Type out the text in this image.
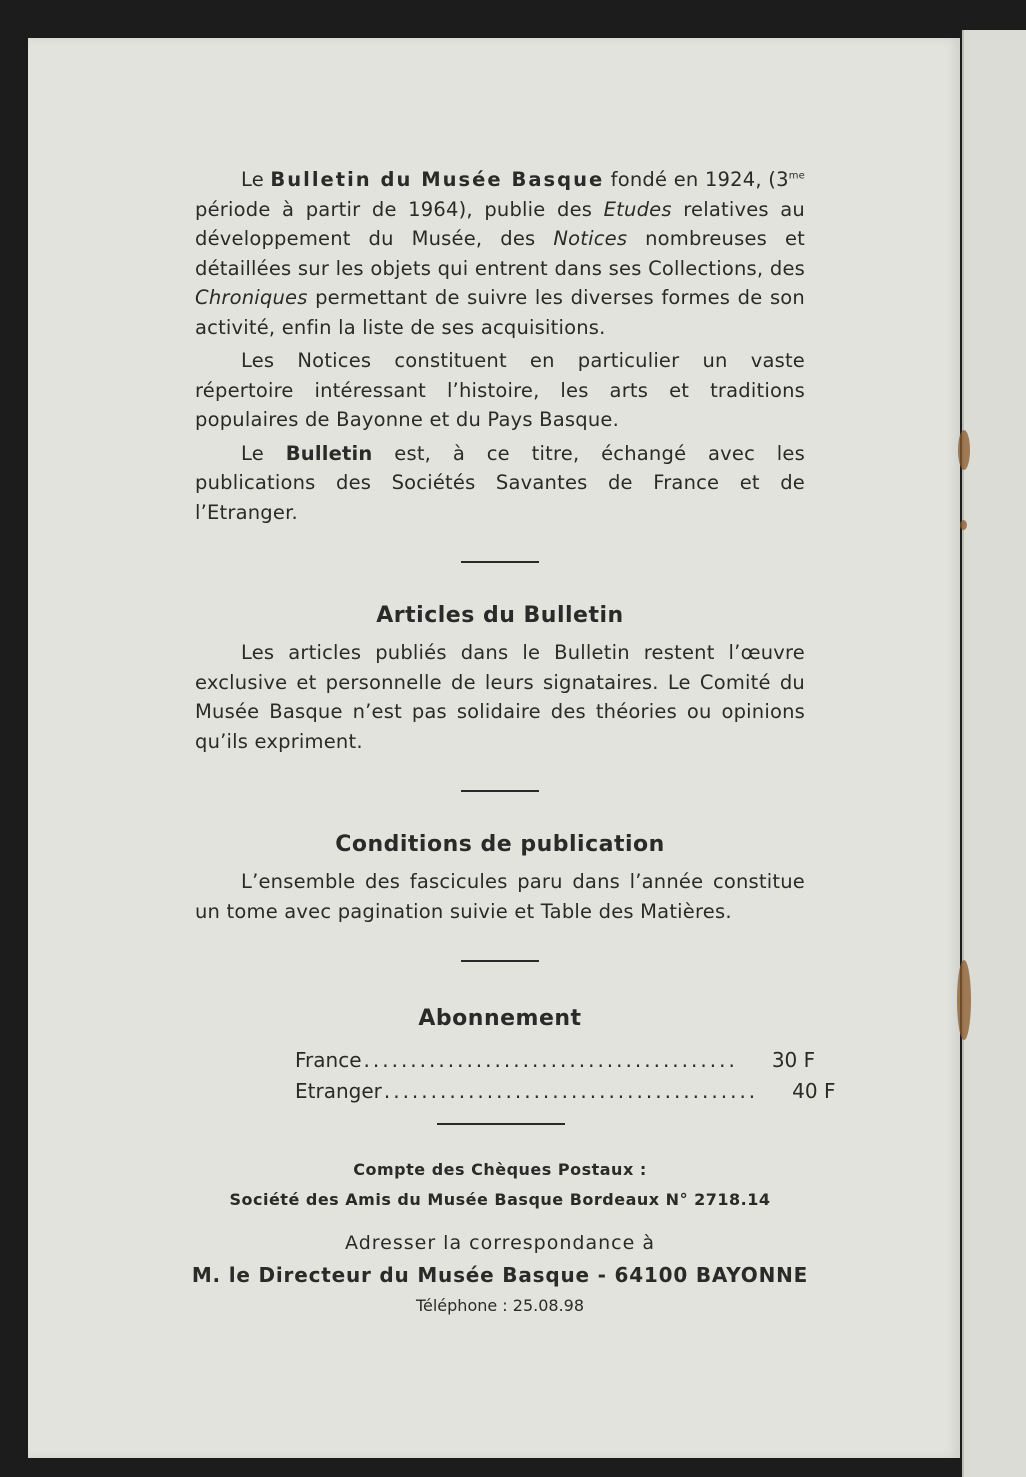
Le Bulletin du Musée Basque fondé en 1924, ($3^{me}$ période à partir de 1964), publie des Etudes relatives au développement du Musée, des Notices nombreuses et détaillées sur les objets qui entrent dans ses Collections, des Chroniques permettant de suivre les diverses formes de son activité, enfin la liste de ses acquisitions.

Les Notices constituent en particulier un vaste répertoire intéressant l’histoire, les arts et traditions populaires de Bayonne et du Pays Basque.

Le Bulletin est, à ce titre, échangé avec les publications des Sociétés Savantes de France et de l’Etranger.

Articles du Bulletin

Les articles publiés dans le Bulletin restent l’œuvre exclusive et personnelle de leurs signataires. Le Comité du Musée Basque n’est pas solidaire des théories ou opinions qu’ils expriment.

Conditions de publication

L’ensemble des fascicules paru dans l’année constitue un tome avec pagination suivie et Table des Matières.

Abonnement
France ........................................ 30 F
Etranger ........................................ 40 F
Compte des Chèques Postaux :
Société des Amis du Musée Basque Bordeaux N° 2718.14
Adresser la correspondance à
M. le Directeur du Musée Basque - 64100 BAYONNE
Téléphone : 25.08.98
